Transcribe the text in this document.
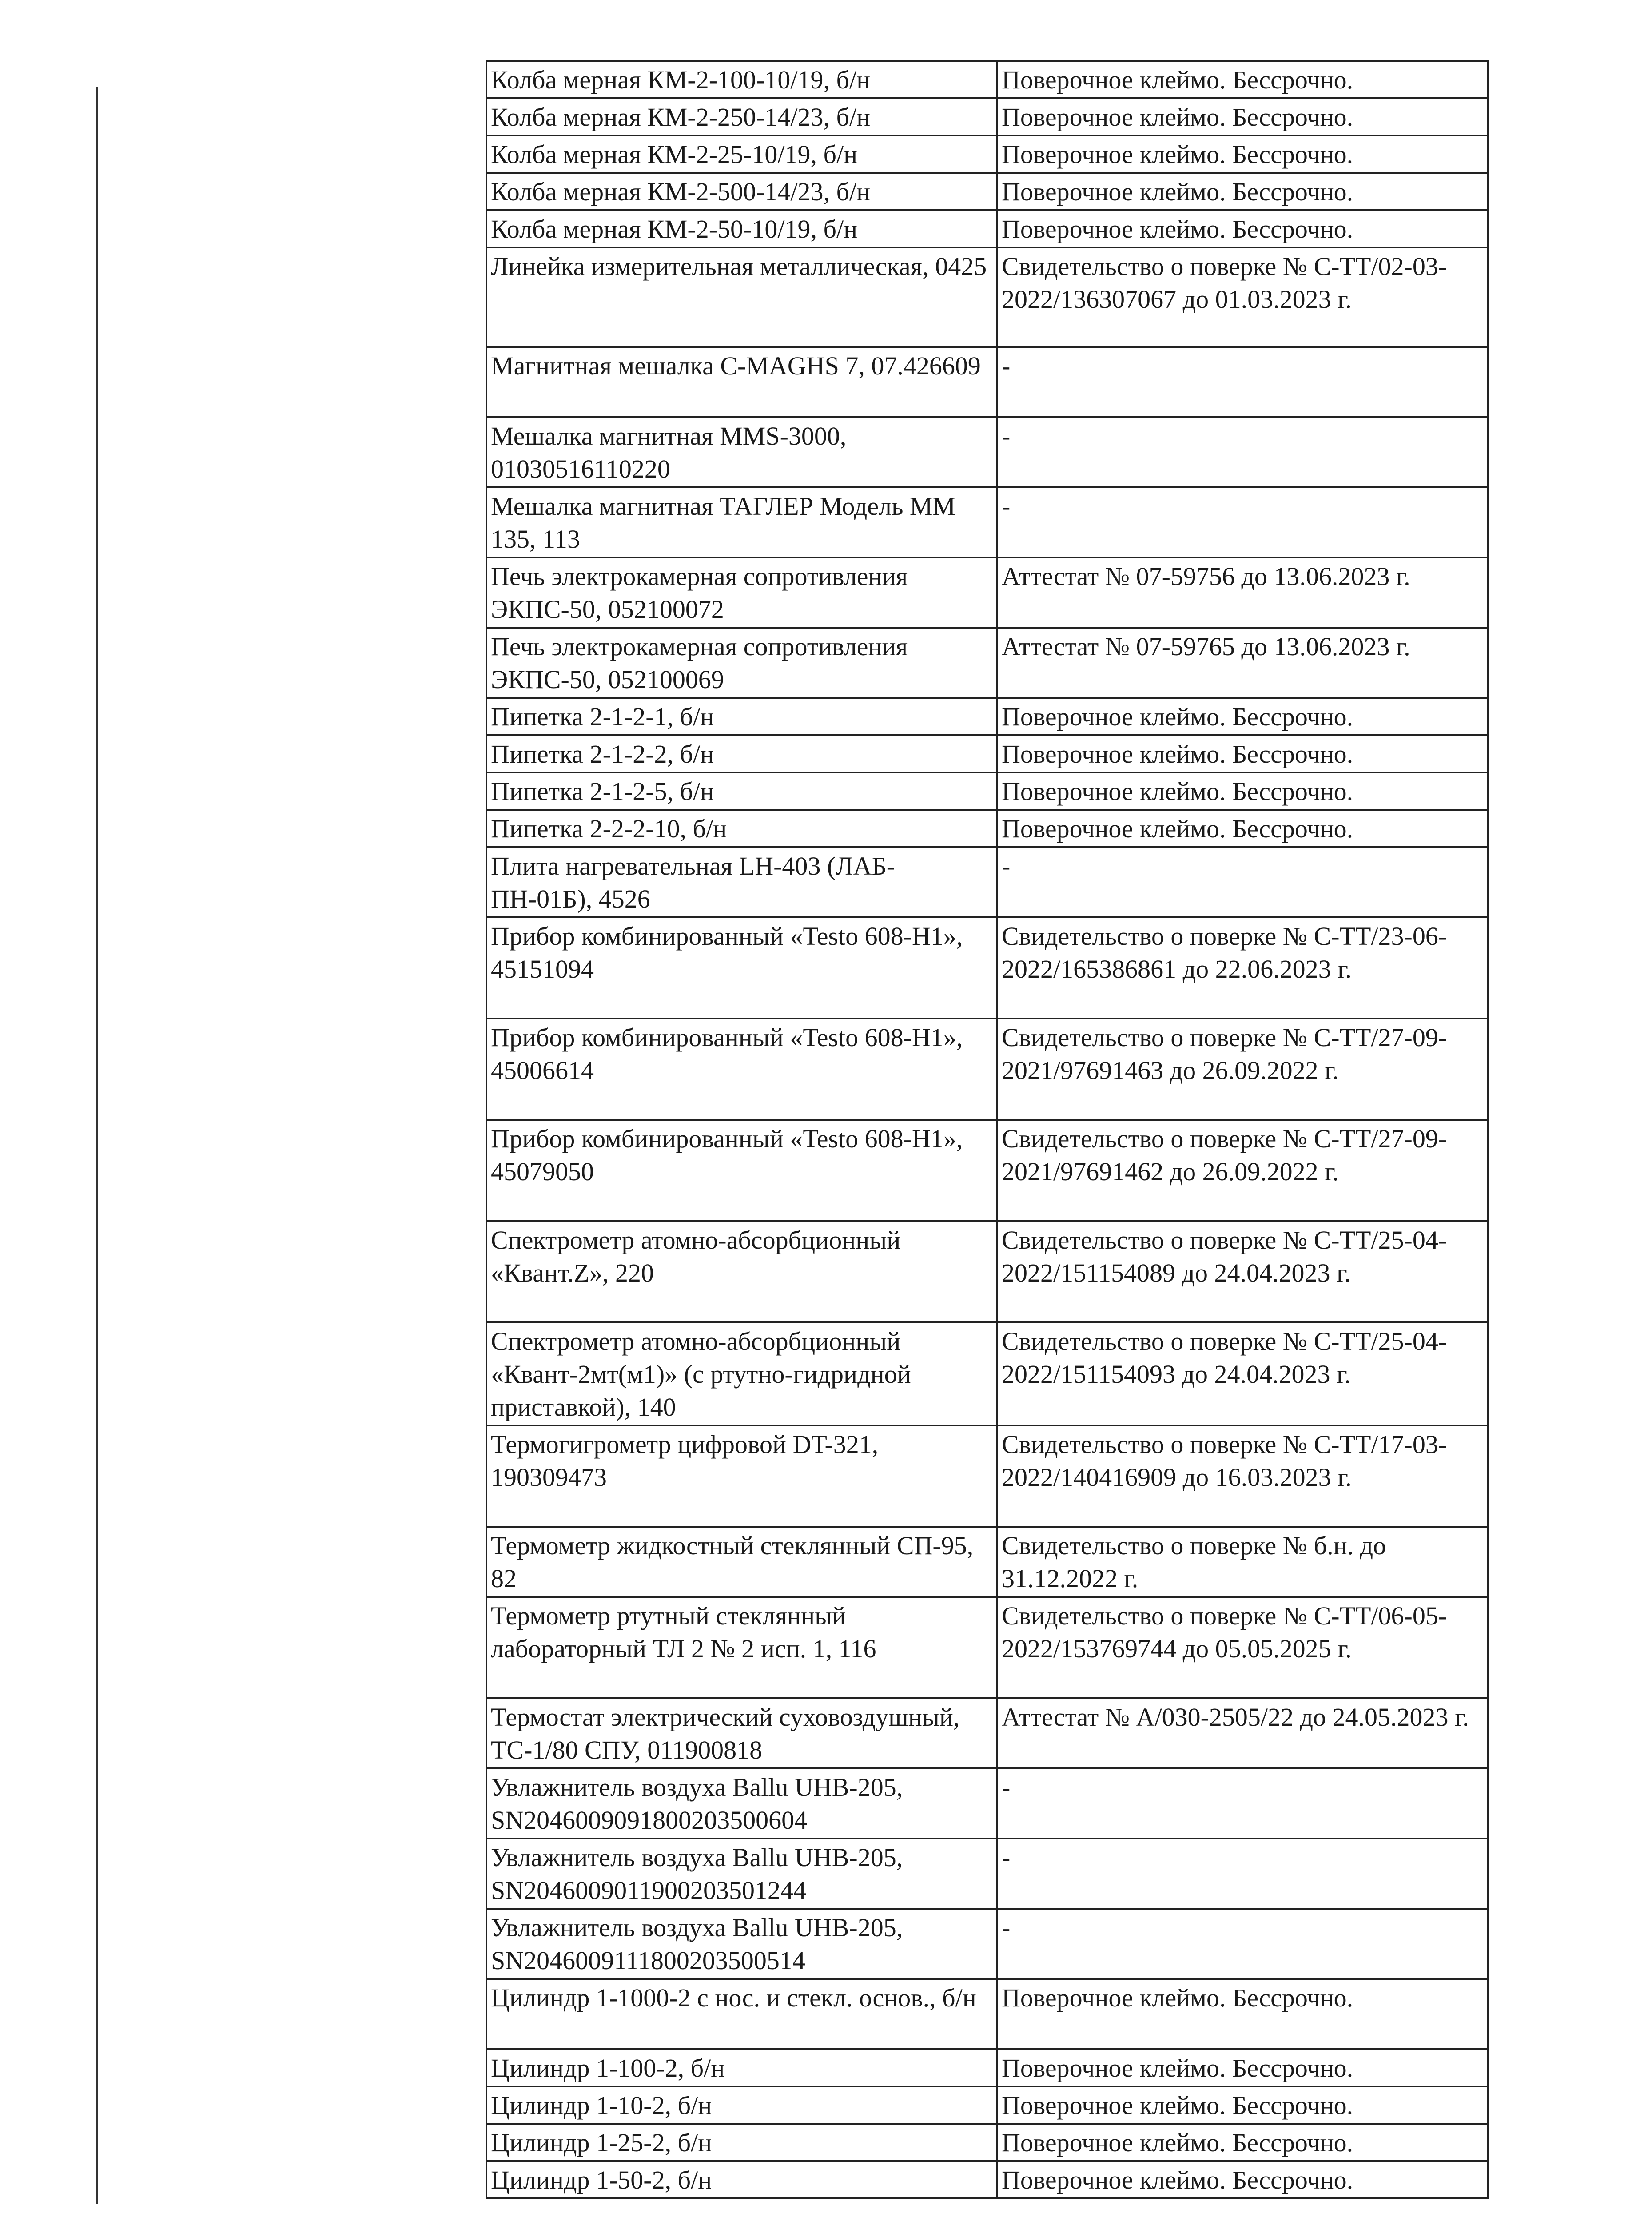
Колба мерная КМ-2-100-10/19, б/н	Поверочное клеймо. Бессрочно.
Колба мерная КМ-2-250-14/23, б/н	Поверочное клеймо. Бессрочно.
Колба мерная КМ-2-25-10/19, б/н	Поверочное клеймо. Бессрочно.
Колба мерная КМ-2-500-14/23, б/н	Поверочное клеймо. Бессрочно.
Колба мерная КМ-2-50-10/19, б/н	Поверочное клеймо. Бессрочно.
Линейка измерительная металлическая, 0425	Свидетельство о поверке № С-ТТ/02-03-2022/136307067 до 01.03.2023 г.
Магнитная мешалка C-MAGHS 7, 07.426609	-
Мешалка магнитная MMS-3000, 01030516110220	-
Мешалка магнитная ТАГЛЕР Модель ММ 135, 113	-
Печь электрокамерная сопротивления ЭКПС-50, 052100072	Аттестат № 07-59756 до 13.06.2023 г.
Печь электрокамерная сопротивления ЭКПС-50, 052100069	Аттестат № 07-59765 до 13.06.2023 г.
Пипетка 2-1-2-1, б/н	Поверочное клеймо. Бессрочно.
Пипетка 2-1-2-2, б/н	Поверочное клеймо. Бессрочно.
Пипетка 2-1-2-5, б/н	Поверочное клеймо. Бессрочно.
Пипетка 2-2-2-10, б/н	Поверочное клеймо. Бессрочно.
Плита нагревательная LH-403 (ЛАБ-ПН-01Б), 4526	-
Прибор комбинированный «Testo 608-H1», 45151094	Свидетельство о поверке № С-ТТ/23-06-2022/165386861 до 22.06.2023 г.
Прибор комбинированный «Testo 608-H1», 45006614	Свидетельство о поверке № С-ТТ/27-09-2021/97691463 до 26.09.2022 г.
Прибор комбинированный «Testo 608-H1», 45079050	Свидетельство о поверке № С-ТТ/27-09-2021/97691462 до 26.09.2022 г.
Спектрометр атомно-абсорбционный «Квант.Z», 220	Свидетельство о поверке № С-ТТ/25-04-2022/151154089 до 24.04.2023 г.
Спектрометр атомно-абсорбционный «Квант-2мт(м1)» (с ртутно-гидридной приставкой), 140	Свидетельство о поверке № С-ТТ/25-04-2022/151154093 до 24.04.2023 г.
Термогигрометр цифровой DT-321, 190309473	Свидетельство о поверке № С-ТТ/17-03-2022/140416909 до 16.03.2023 г.
Термометр жидкостный стеклянный СП-95, 82	Свидетельство о поверке № б.н. до 31.12.2022 г.
Термометр ртутный стеклянный лабораторный ТЛ 2 № 2 исп. 1, 116	Свидетельство о поверке № С-ТТ/06-05-2022/153769744 до 05.05.2025 г.
Термостат электрический суховоздушный, ТС-1/80 СПУ, 011900818	Аттестат № А/030-2505/22 до 24.05.2023 г.
Увлажнитель воздуха Ballu UHB-205, SN2046009091800203500604	-
Увлажнитель воздуха Ballu UHB-205, SN2046009011900203501244	-
Увлажнитель воздуха Ballu UHB-205, SN2046009111800203500514	-
Цилиндр 1-1000-2 с нос. и стекл. основ., б/н	Поверочное клеймо. Бессрочно.
Цилиндр 1-100-2, б/н	Поверочное клеймо. Бессрочно.
Цилиндр 1-10-2, б/н	Поверочное клеймо. Бессрочно.
Цилиндр 1-25-2, б/н	Поверочное клеймо. Бессрочно.
Цилиндр 1-50-2, б/н	Поверочное клеймо. Бессрочно.
